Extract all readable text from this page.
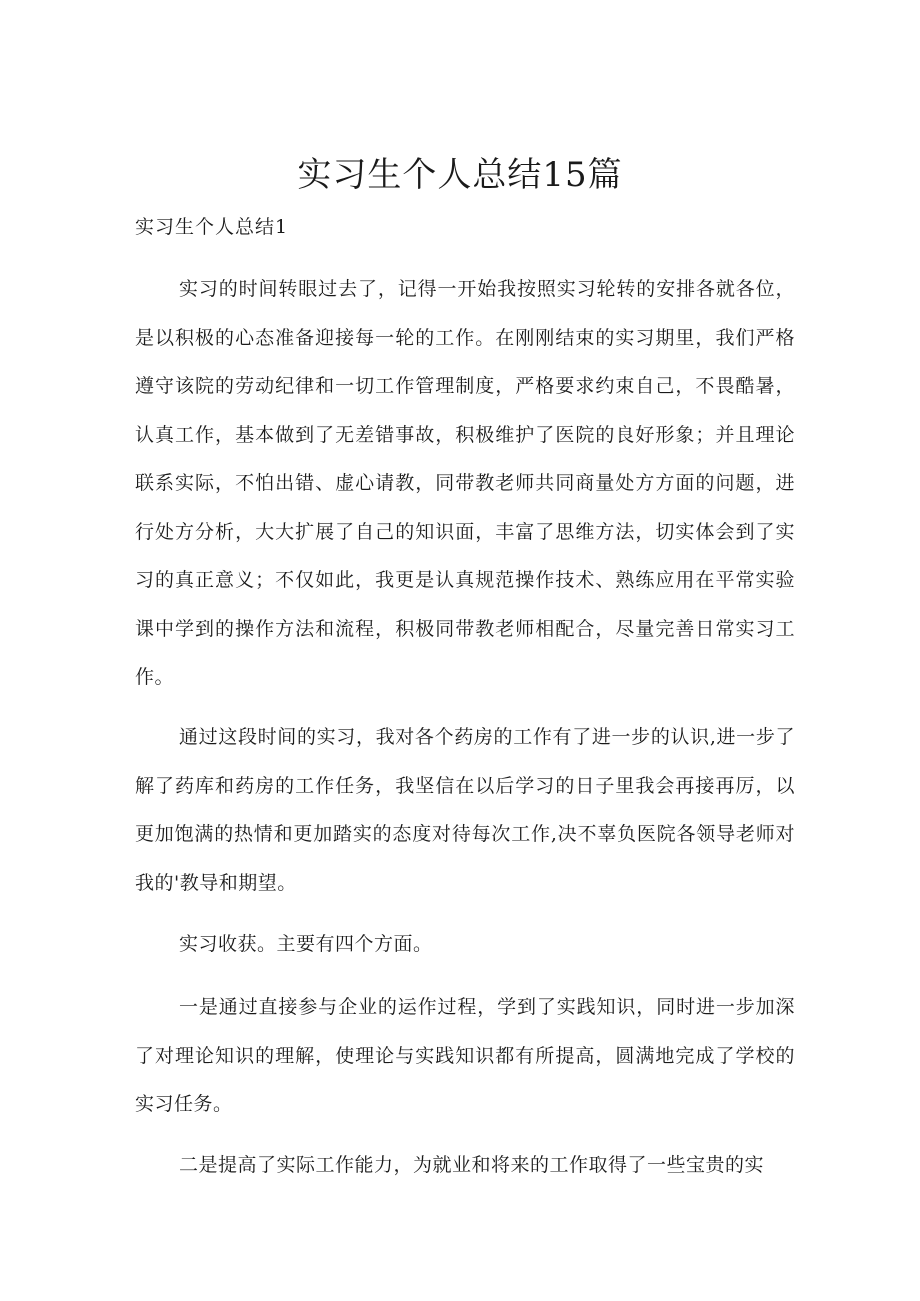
实习生个人总结15篇

实习生个人总结1

实习的时间转眼过去了，记得一开始我按照实习轮转的安排各就各位，是以积极的心态准备迎接每一轮的工作。在刚刚结束的实习期里，我们严格遵守该院的劳动纪律和一切工作管理制度，严格要求约束自己，不畏酷暑，认真工作，基本做到了无差错事故，积极维护了医院的良好形象；并且理论联系实际，不怕出错、虚心请教，同带教老师共同商量处方方面的问题，进行处方分析，大大扩展了自己的知识面，丰富了思维方法，切实体会到了实习的真正意义；不仅如此，我更是认真规范操作技术、熟练应用在平常实验课中学到的操作方法和流程，积极同带教老师相配合，尽量完善日常实习工作。

通过这段时间的实习，我对各个药房的工作有了进一步的认识,进一步了解了药库和药房的工作任务，我坚信在以后学习的日子里我会再接再厉，以更加饱满的热情和更加踏实的态度对待每次工作,决不辜负医院各领导老师对我的'教导和期望。

实习收获。主要有四个方面。

一是通过直接参与企业的运作过程，学到了实践知识，同时进一步加深了对理论知识的理解，使理论与实践知识都有所提高，圆满地完成了学校的实习任务。

二是提高了实际工作能力，为就业和将来的工作取得了一些宝贵的实
